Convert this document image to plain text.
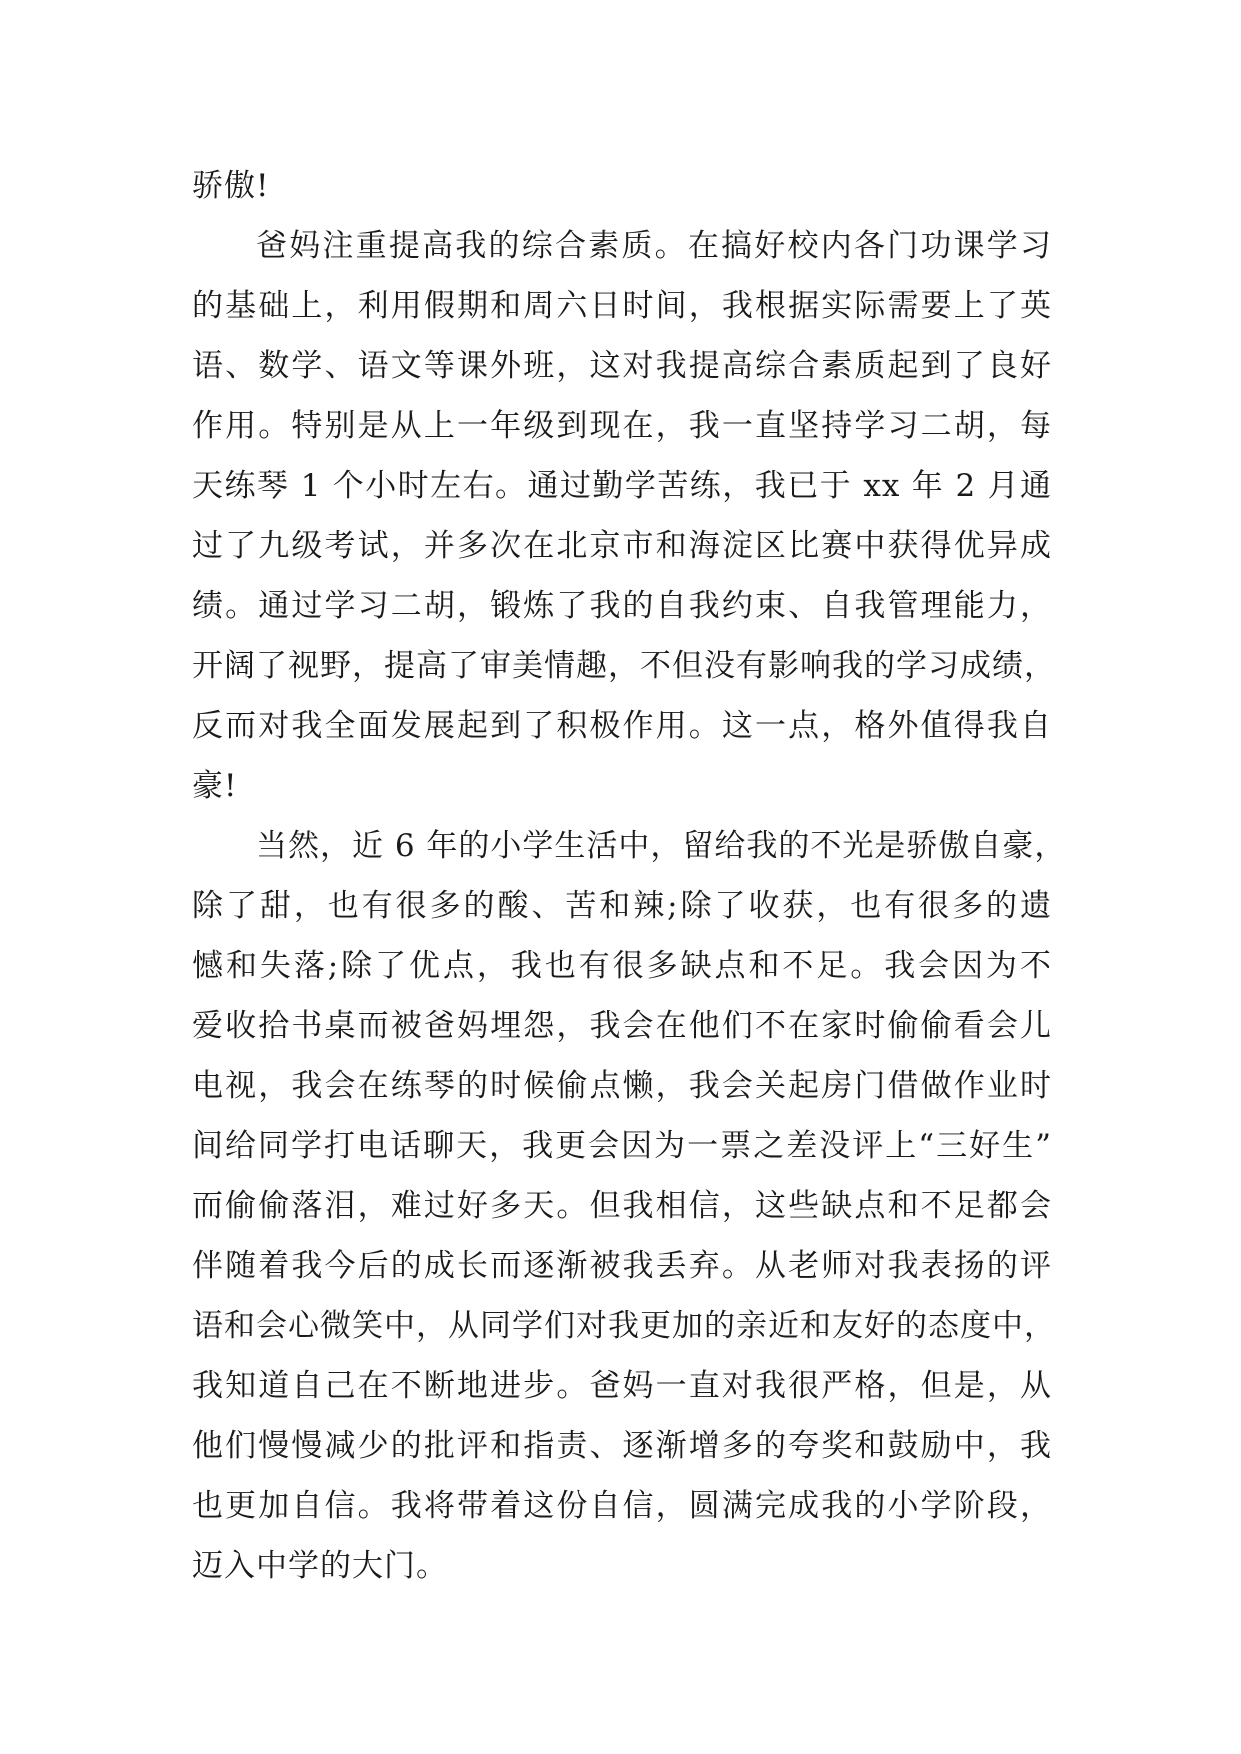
骄傲!
爸妈注重提高我的综合素质。在搞好校内各门功课学习
的基础上，利用假期和周六日时间，我根据实际需要上了英
语、数学、语文等课外班，这对我提高综合素质起到了良好
作用。特别是从上一年级到现在，我一直坚持学习二胡，每
天练琴 1 个小时左右。通过勤学苦练，我已于 xx 年 2 月通
过了九级考试，并多次在北京市和海淀区比赛中获得优异成
绩。通过学习二胡，锻炼了我的自我约束、自我管理能力，
开阔了视野，提高了审美情趣，不但没有影响我的学习成绩，
反而对我全面发展起到了积极作用。这一点，格外值得我自
豪!
当然，近 6 年的小学生活中，留给我的不光是骄傲自豪，
除了甜，也有很多的酸、苦和辣;除了收获，也有很多的遗
憾和失落;除了优点，我也有很多缺点和不足。我会因为不
爱收拾书桌而被爸妈埋怨，我会在他们不在家时偷偷看会儿
电视，我会在练琴的时候偷点懒，我会关起房门借做作业时
间给同学打电话聊天，我更会因为一票之差没评上“三好生”
而偷偷落泪，难过好多天。但我相信，这些缺点和不足都会
伴随着我今后的成长而逐渐被我丢弃。从老师对我表扬的评
语和会心微笑中，从同学们对我更加的亲近和友好的态度中，
我知道自己在不断地进步。爸妈一直对我很严格，但是，从
他们慢慢减少的批评和指责、逐渐增多的夸奖和鼓励中，我
也更加自信。我将带着这份自信，圆满完成我的小学阶段，
迈入中学的大门。
